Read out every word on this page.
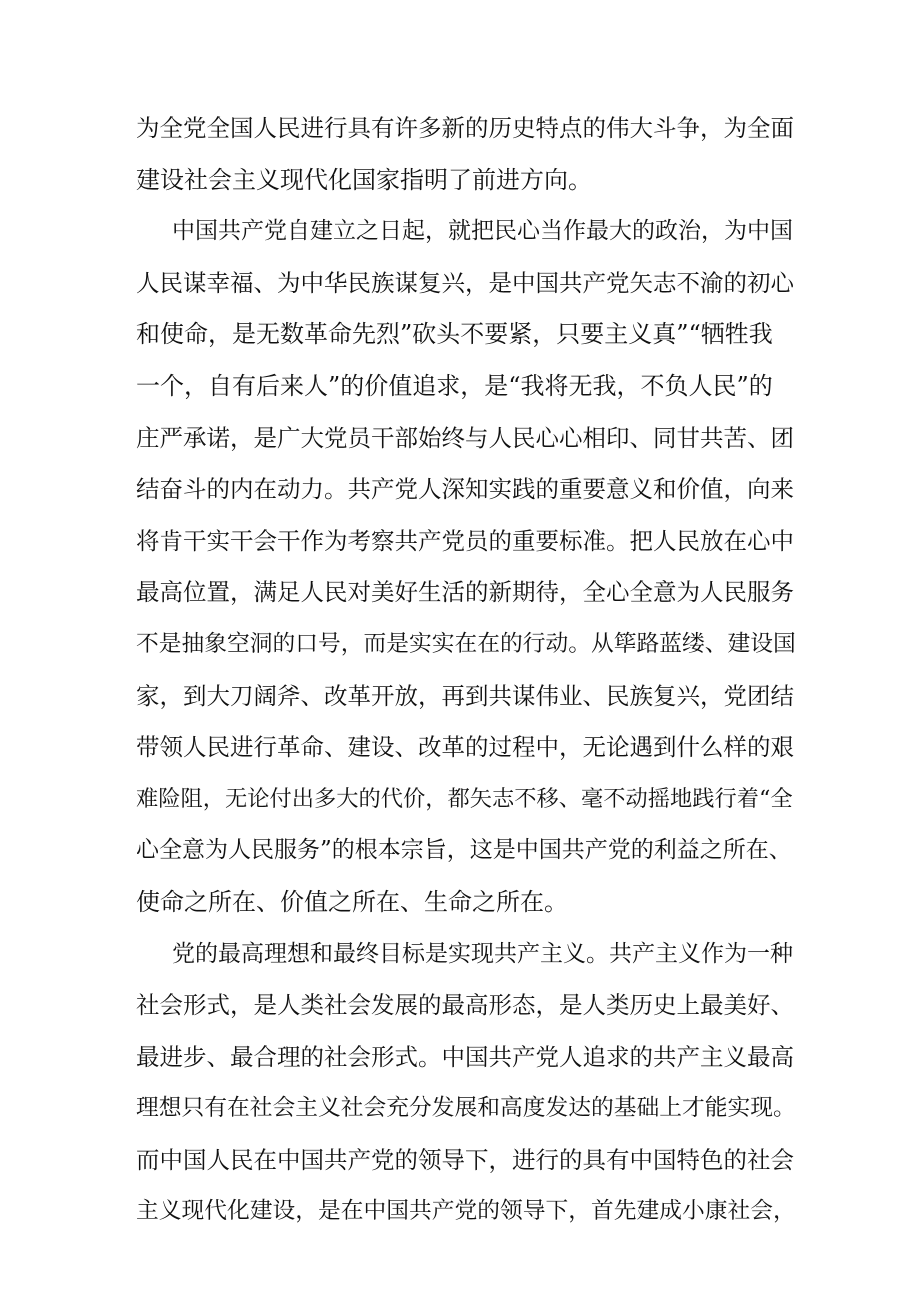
为全党全国人民进行具有许多新的历史特点的伟大斗争，为全面
建设社会主义现代化国家指明了前进方向。
中国共产党自建立之日起，就把民心当作最大的政治，为中国
人民谋幸福、为中华民族谋复兴，是中国共产党矢志不渝的初心
和使命，是无数革命先烈”砍头不要紧，只要主义真”“牺牲我
一个，自有后来人”的价值追求，是“我将无我，不负人民”的
庄严承诺，是广大党员干部始终与人民心心相印、同甘共苦、团
结奋斗的内在动力。共产党人深知实践的重要意义和价值，向来
将肯干实干会干作为考察共产党员的重要标准。把人民放在心中
最高位置，满足人民对美好生活的新期待，全心全意为人民服务
不是抽象空洞的口号，而是实实在在的行动。从筚路蓝缕、建设国
家，到大刀阔斧、改革开放，再到共谋伟业、民族复兴，党团结
带领人民进行革命、建设、改革的过程中，无论遇到什么样的艰
难险阻，无论付出多大的代价，都矢志不移、毫不动摇地践行着“全
心全意为人民服务”的根本宗旨，这是中国共产党的利益之所在、
使命之所在、价值之所在、生命之所在。
党的最高理想和最终目标是实现共产主义。共产主义作为一种
社会形式，是人类社会发展的最高形态，是人类历史上最美好、
最进步、最合理的社会形式。中国共产党人追求的共产主义最高
理想只有在社会主义社会充分发展和高度发达的基础上才能实现。
而中国人民在中国共产党的领导下，进行的具有中国特色的社会
主义现代化建设，是在中国共产党的领导下，首先建成小康社会，
